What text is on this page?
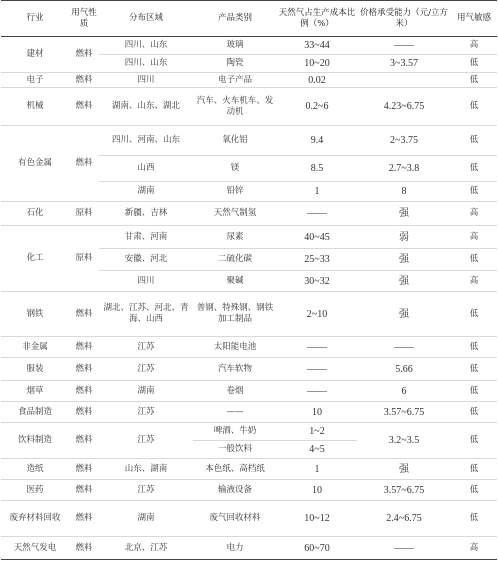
行业	用气性质	分布区域	产品类别	天然气占生产成本比例（%）	价格承受能力（元/立方米）	用气敏感
建材	燃料	四川、山东	玻璃	33~44	——	高
		四川、山东	陶瓷	10~20	3~3.57	低
电子	燃料	四川	电子产品	0.02		低
机械	燃料	湖南、山东、湖北	汽车、火车机车、发动机	0.2~6	4.23~6.75	低
有色金属	燃料	四川、河南、山东	氧化铝	9.4	2~3.75	低
		山西	镁	8.5	2.7~3.8	低
		湖南	铅锌	1	8	低
石化	原料	新疆、吉林	天然气制氢	——	强	高
化工	原料	甘肃、河南	尿素	40~45	弱	高
		安徽、河北	二硫化碳	25~33	强	低
		四川	聚碱	30~32	强	高
钢铁	燃料	湖北、江苏、河北、青海、山西	普钢、特殊钢、钢铁加工制品	2~10	强	低
非金属	燃料	江苏	太阳能电池	——	——	低
服装	燃料	江苏	汽车软物	——	5.66	低
烟草	燃料	湖南	卷烟	——	6	低
食品制造	燃料	江苏	——	10	3.57~6.75	低
饮料制造	燃料	江苏	啤酒、牛奶	1~2	3.2~3.5	低
			一般饮料	4~5		
造纸	燃料	山东、湖南	本色纸、高档纸	1	强	低
医药	燃料	江苏	输液设备	10	3.57~6.75	低
废弃材料回收	燃料	湖南	废气回收材料	10~12	2.4~6.75	低
天然气发电	燃料	北京、江苏	电力	60~70	——	高
